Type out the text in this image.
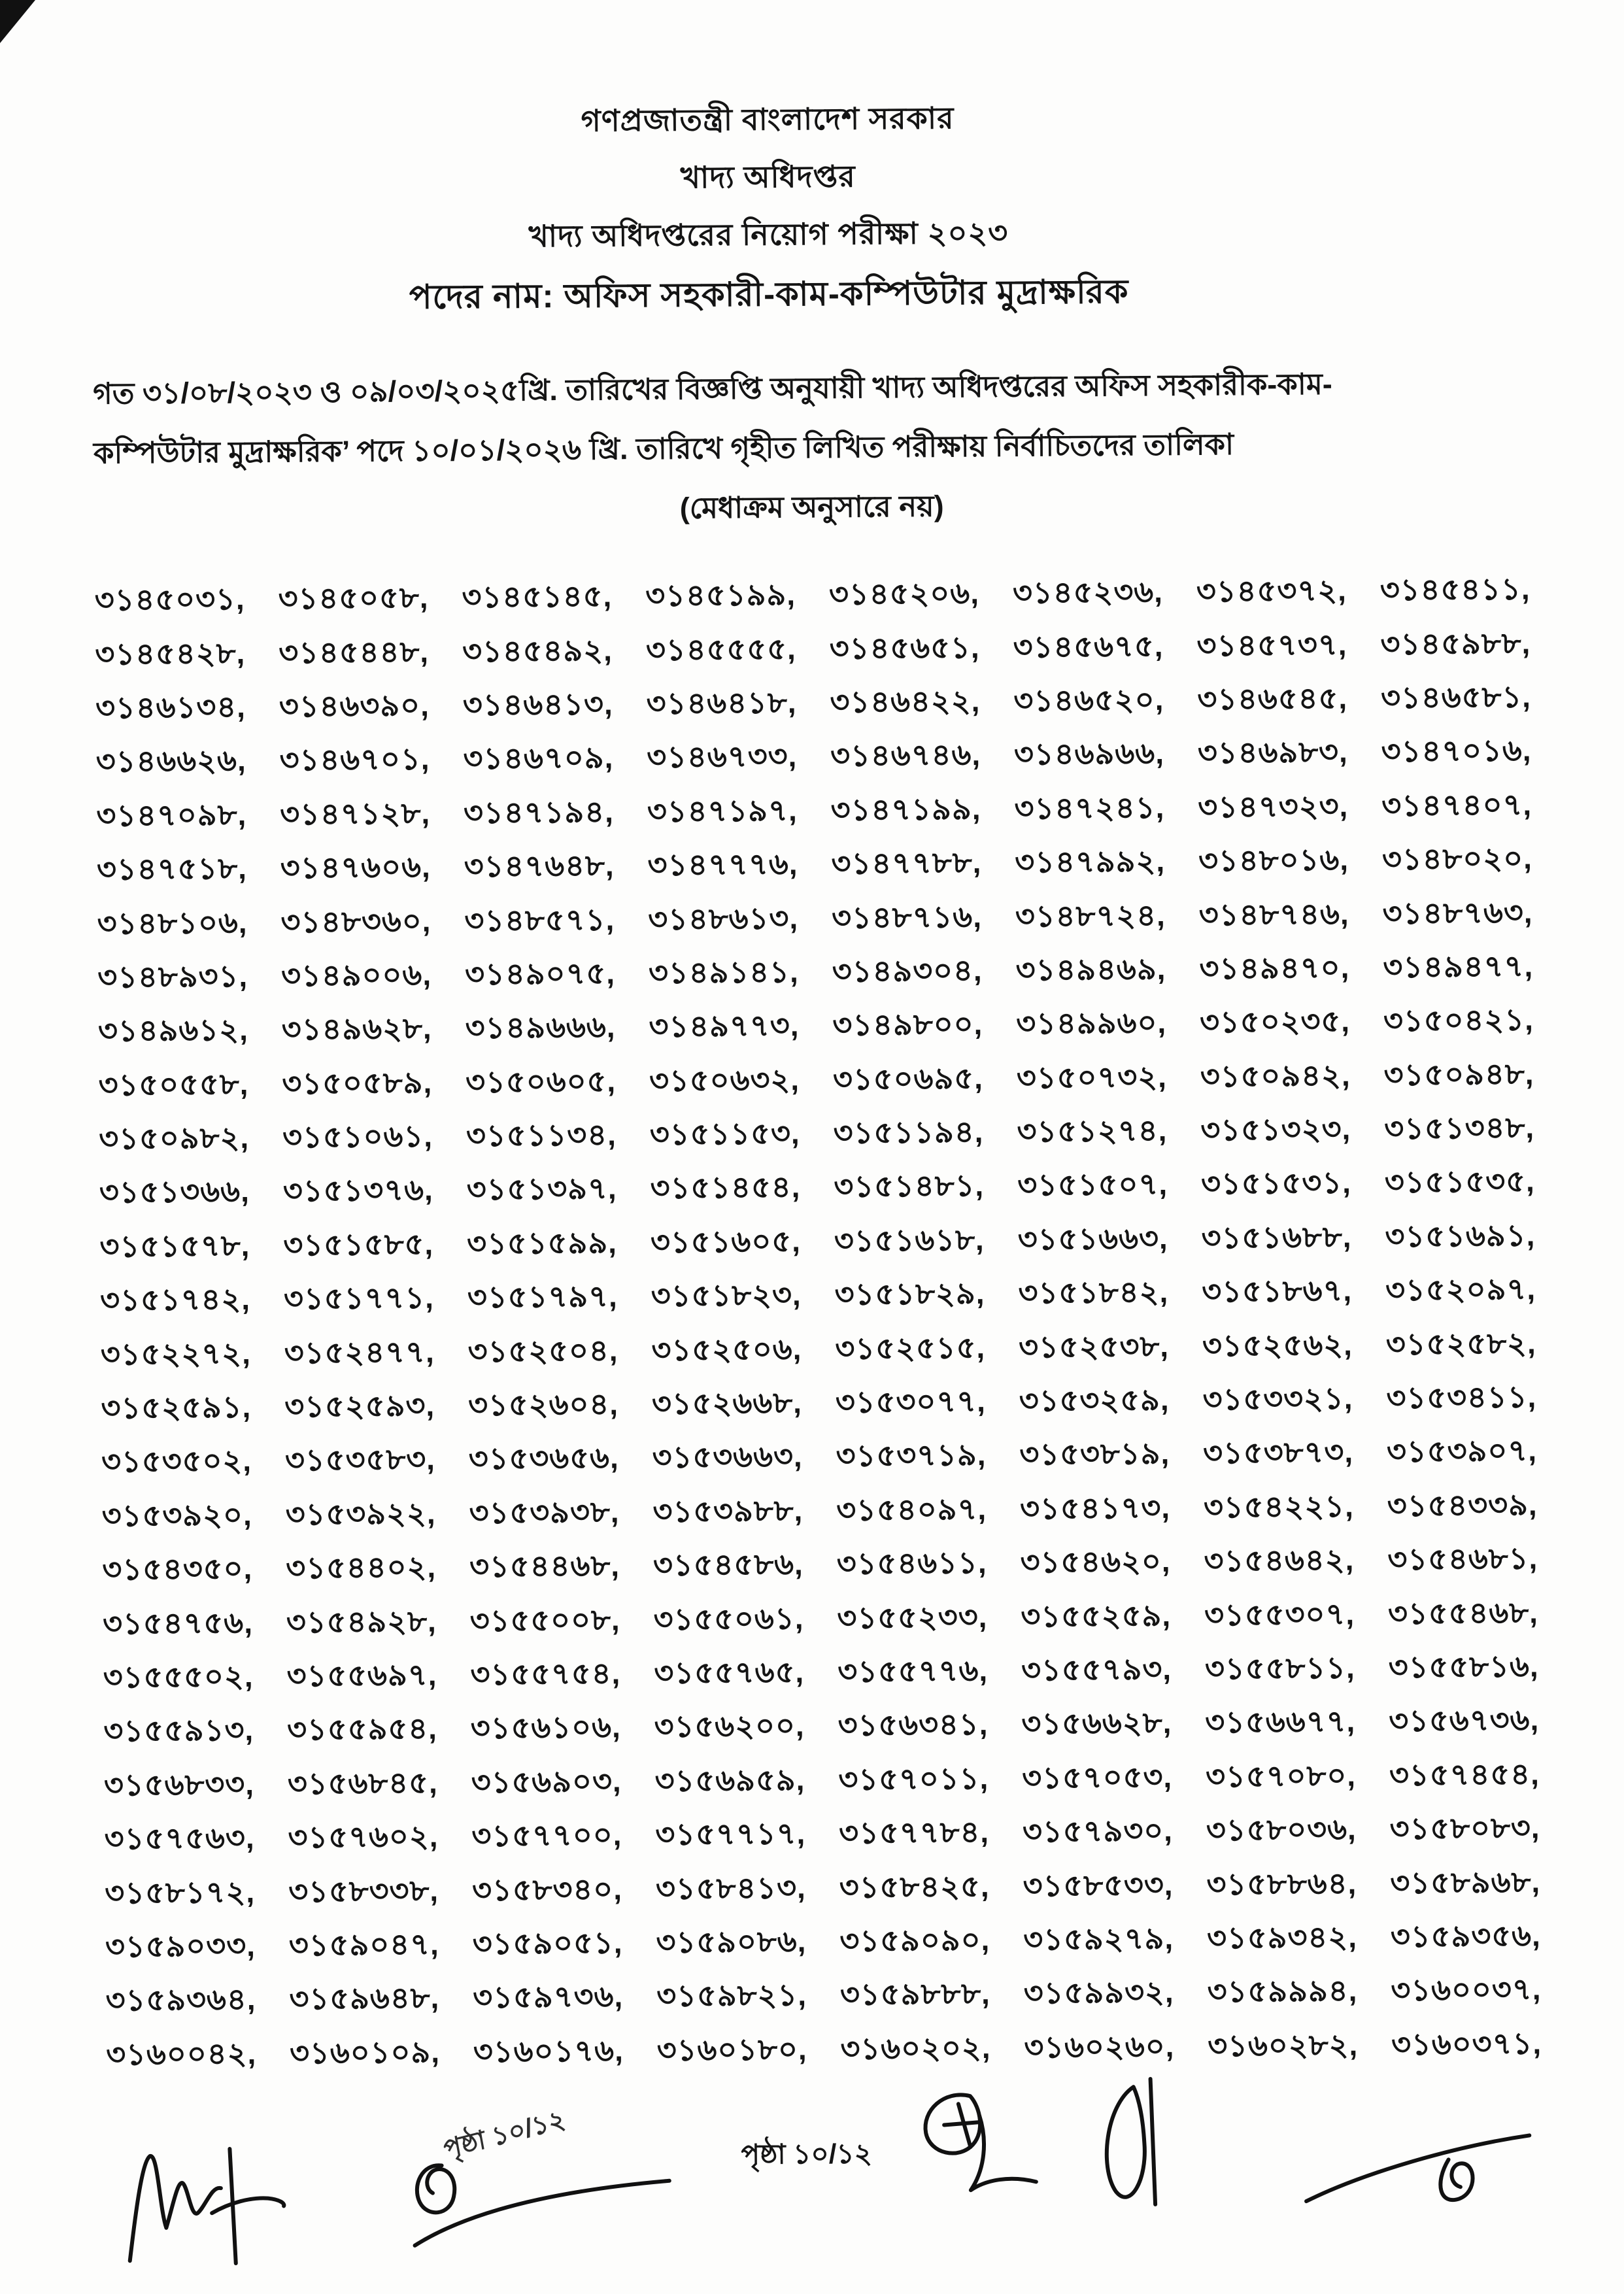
গণপ্রজাতন্ত্রী বাংলাদেশ সরকার
খাদ্য অধিদপ্তর
খাদ্য অধিদপ্তরের নিয়োগ পরীক্ষা ২০২৩
পদের নাম: অফিস সহকারী-কাম-কম্পিউটার মুদ্রাক্ষরিক
গত ৩১/০৮/২০২৩ ও ০৯/০৩/২০২৫খ্রি. তারিখের বিজ্ঞপ্তি অনুযায়ী খাদ্য অধিদপ্তরের অফিস সহকারীক-কাম-
কম্পিউটার মুদ্রাক্ষরিক’ পদে ১০/০১/২০২৬ খ্রি. তারিখে গৃহীত লিখিত পরীক্ষায় নির্বাচিতদের তালিকা
(মেধাক্রম অনুসারে নয়)
৩১৪৫০৩১, ৩১৪৫০৫৮, ৩১৪৫১৪৫, ৩১৪৫১৯৯, ৩১৪৫২০৬, ৩১৪৫২৩৬, ৩১৪৫৩৭২, ৩১৪৫৪১১,
৩১৪৫৪২৮, ৩১৪৫৪৪৮, ৩১৪৫৪৯২, ৩১৪৫৫৫৫, ৩১৪৫৬৫১, ৩১৪৫৬৭৫, ৩১৪৫৭৩৭, ৩১৪৫৯৮৮,
৩১৪৬১৩৪, ৩১৪৬৩৯০, ৩১৪৬৪১৩, ৩১৪৬৪১৮, ৩১৪৬৪২২, ৩১৪৬৫২০, ৩১৪৬৫৪৫, ৩১৪৬৫৮১,
৩১৪৬৬২৬, ৩১৪৬৭০১, ৩১৪৬৭০৯, ৩১৪৬৭৩৩, ৩১৪৬৭৪৬, ৩১৪৬৯৬৬, ৩১৪৬৯৮৩, ৩১৪৭০১৬,
৩১৪৭০৯৮, ৩১৪৭১২৮, ৩১৪৭১৯৪, ৩১৪৭১৯৭, ৩১৪৭১৯৯, ৩১৪৭২৪১, ৩১৪৭৩২৩, ৩১৪৭৪০৭,
৩১৪৭৫১৮, ৩১৪৭৬০৬, ৩১৪৭৬৪৮, ৩১৪৭৭৭৬, ৩১৪৭৭৮৮, ৩১৪৭৯৯২, ৩১৪৮০১৬, ৩১৪৮০২০,
৩১৪৮১০৬, ৩১৪৮৩৬০, ৩১৪৮৫৭১, ৩১৪৮৬১৩, ৩১৪৮৭১৬, ৩১৪৮৭২৪, ৩১৪৮৭৪৬, ৩১৪৮৭৬৩,
৩১৪৮৯৩১, ৩১৪৯০০৬, ৩১৪৯০৭৫, ৩১৪৯১৪১, ৩১৪৯৩০৪, ৩১৪৯৪৬৯, ৩১৪৯৪৭০, ৩১৪৯৪৭৭,
৩১৪৯৬১২, ৩১৪৯৬২৮, ৩১৪৯৬৬৬, ৩১৪৯৭৭৩, ৩১৪৯৮০০, ৩১৪৯৯৬০, ৩১৫০২৩৫, ৩১৫০৪২১,
৩১৫০৫৫৮, ৩১৫০৫৮৯, ৩১৫০৬০৫, ৩১৫০৬৩২, ৩১৫০৬৯৫, ৩১৫০৭৩২, ৩১৫০৯৪২, ৩১৫০৯৪৮,
৩১৫০৯৮২, ৩১৫১০৬১, ৩১৫১১৩৪, ৩১৫১১৫৩, ৩১৫১১৯৪, ৩১৫১২৭৪, ৩১৫১৩২৩, ৩১৫১৩৪৮,
৩১৫১৩৬৬, ৩১৫১৩৭৬, ৩১৫১৩৯৭, ৩১৫১৪৫৪, ৩১৫১৪৮১, ৩১৫১৫০৭, ৩১৫১৫৩১, ৩১৫১৫৩৫,
৩১৫১৫৭৮, ৩১৫১৫৮৫, ৩১৫১৫৯৯, ৩১৫১৬০৫, ৩১৫১৬১৮, ৩১৫১৬৬৩, ৩১৫১৬৮৮, ৩১৫১৬৯১,
৩১৫১৭৪২, ৩১৫১৭৭১, ৩১৫১৭৯৭, ৩১৫১৮২৩, ৩১৫১৮২৯, ৩১৫১৮৪২, ৩১৫১৮৬৭, ৩১৫২০৯৭,
৩১৫২২৭২, ৩১৫২৪৭৭, ৩১৫২৫০৪, ৩১৫২৫০৬, ৩১৫২৫১৫, ৩১৫২৫৩৮, ৩১৫২৫৬২, ৩১৫২৫৮২,
৩১৫২৫৯১, ৩১৫২৫৯৩, ৩১৫২৬০৪, ৩১৫২৬৬৮, ৩১৫৩০৭৭, ৩১৫৩২৫৯, ৩১৫৩৩২১, ৩১৫৩৪১১,
৩১৫৩৫০২, ৩১৫৩৫৮৩, ৩১৫৩৬৫৬, ৩১৫৩৬৬৩, ৩১৫৩৭১৯, ৩১৫৩৮১৯, ৩১৫৩৮৭৩, ৩১৫৩৯০৭,
৩১৫৩৯২০, ৩১৫৩৯২২, ৩১৫৩৯৩৮, ৩১৫৩৯৮৮, ৩১৫৪০৯৭, ৩১৫৪১৭৩, ৩১৫৪২২১, ৩১৫৪৩৩৯,
৩১৫৪৩৫০, ৩১৫৪৪০২, ৩১৫৪৪৬৮, ৩১৫৪৫৮৬, ৩১৫৪৬১১, ৩১৫৪৬২০, ৩১৫৪৬৪২, ৩১৫৪৬৮১,
৩১৫৪৭৫৬, ৩১৫৪৯২৮, ৩১৫৫০০৮, ৩১৫৫০৬১, ৩১৫৫২৩৩, ৩১৫৫২৫৯, ৩১৫৫৩০৭, ৩১৫৫৪৬৮,
৩১৫৫৫০২, ৩১৫৫৬৯৭, ৩১৫৫৭৫৪, ৩১৫৫৭৬৫, ৩১৫৫৭৭৬, ৩১৫৫৭৯৩, ৩১৫৫৮১১, ৩১৫৫৮১৬,
৩১৫৫৯১৩, ৩১৫৫৯৫৪, ৩১৫৬১০৬, ৩১৫৬২০০, ৩১৫৬৩৪১, ৩১৫৬৬২৮, ৩১৫৬৬৭৭, ৩১৫৬৭৩৬,
৩১৫৬৮৩৩, ৩১৫৬৮৪৫, ৩১৫৬৯০৩, ৩১৫৬৯৫৯, ৩১৫৭০১১, ৩১৫৭০৫৩, ৩১৫৭০৮০, ৩১৫৭৪৫৪,
৩১৫৭৫৬৩, ৩১৫৭৬০২, ৩১৫৭৭০০, ৩১৫৭৭১৭, ৩১৫৭৭৮৪, ৩১৫৭৯৩০, ৩১৫৮০৩৬, ৩১৫৮০৮৩,
৩১৫৮১৭২, ৩১৫৮৩৩৮, ৩১৫৮৩৪০, ৩১৫৮৪১৩, ৩১৫৮৪২৫, ৩১৫৮৫৩৩, ৩১৫৮৮৬৪, ৩১৫৮৯৬৮,
৩১৫৯০৩৩, ৩১৫৯০৪৭, ৩১৫৯০৫১, ৩১৫৯০৮৬, ৩১৫৯০৯০, ৩১৫৯২৭৯, ৩১৫৯৩৪২, ৩১৫৯৩৫৬,
৩১৫৯৩৬৪, ৩১৫৯৬৪৮, ৩১৫৯৭৩৬, ৩১৫৯৮২১, ৩১৫৯৮৮৮, ৩১৫৯৯৩২, ৩১৫৯৯৯৪, ৩১৬০০৩৭,
৩১৬০০৪২, ৩১৬০১০৯, ৩১৬০১৭৬, ৩১৬০১৮০, ৩১৬০২০২, ৩১৬০২৬০, ৩১৬০২৮২, ৩১৬০৩৭১,
পৃষ্ঠা ১০/১২	পৃষ্ঠা ১০/১২
